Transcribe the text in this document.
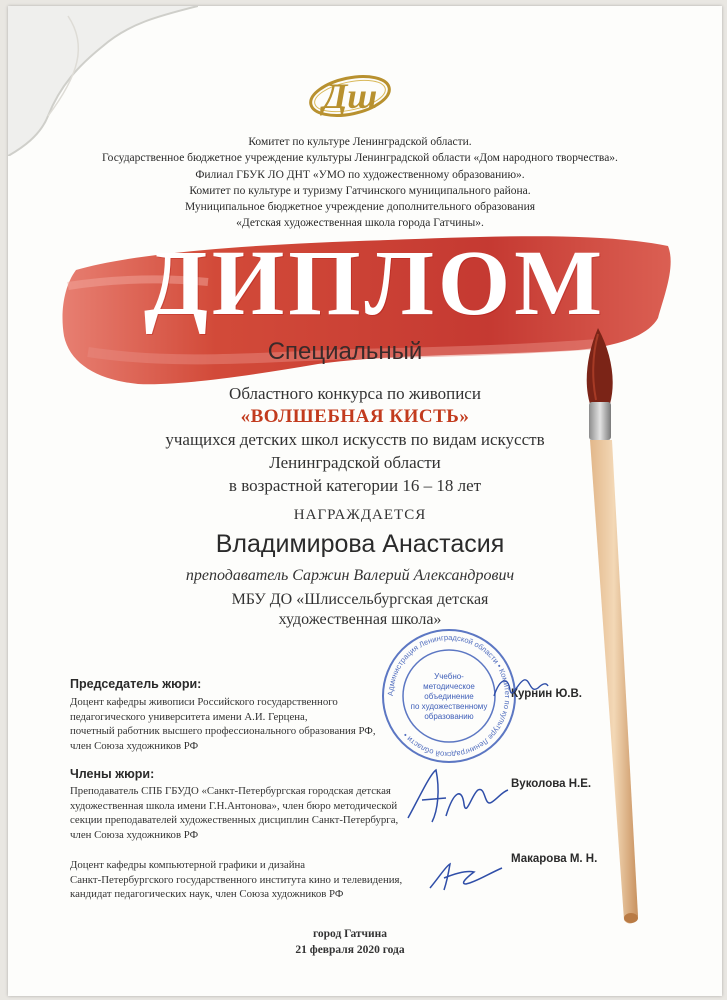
Дш
Комитет по культуре Ленинградской области.
Государственное бюджетное учреждение культуры Ленинградской области «Дом народного творчества».
Филиал ГБУК ЛО ДНТ «УМО по художественному образованию».
Комитет по культуре и туризму Гатчинского муниципального района.
Муниципальное бюджетное учреждение дополнительного образования
«Детская художественная школа города Гатчины».
ДИПЛОМ
Специальный
Областного конкурса по живописи
«ВОЛШЕБНАЯ КИСТЬ»
учащихся детских школ искусств по видам искусств
Ленинградской области
в возрастной категории 16 – 18 лет
НАГРАЖДАЕТСЯ
Владимирова Анастасия
преподаватель Саржин Валерий Александрович
МБУ ДО «Шлиссельбургская детская
художественная школа»
Администрация Ленинградской области • Комитет по культуре Ленинградской области •
Учебно-методическое
объединение
по художественному
образованию
Председатель жюри:
Доцент кафедры живописи Российского государственного
педагогического университета имени А.И. Герцена,
почетный работник высшего профессионального образования РФ,
член Союза художников РФ
Курнин Ю.В.
Члены жюри:
Преподаватель СПБ ГБУДО «Санкт-Петербургская городская детская
художественная школа имени Г.Н.Антонова», член бюро методической
секции преподавателей художественных дисциплин Санкт-Петербурга,
член Союза художников РФ
Вуколова Н.Е.
Доцент кафедры компьютерной графики и дизайна
Санкт-Петербургского государственного института кино и телевидения,
кандидат педагогических наук, член Союза художников РФ
Макарова М. Н.
город Гатчина
21 февраля 2020 года
